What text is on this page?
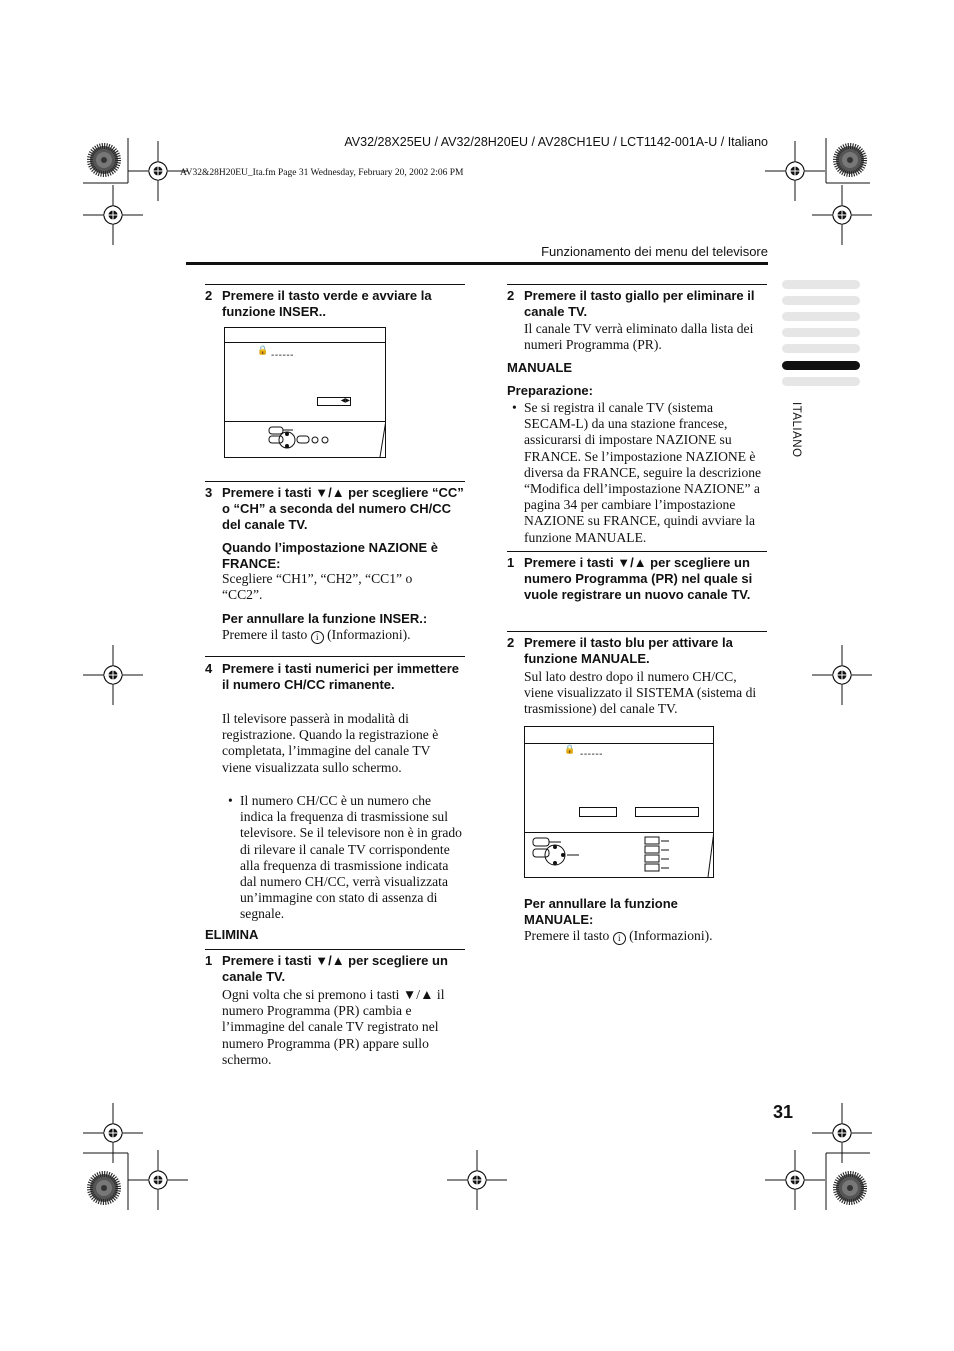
AV32/28X25EU / AV32/28H20EU / AV28CH1EU / LCT1142-001A-U / Italiano
AV32&28H20EU_Ita.fm Page 31 Wednesday, February 20, 2002 2:06 PM
Funzionamento dei menu del televisore
ITALIANO
2 Premere il tasto verde e avviare la funzione INSER..
🔒 ------
◀▶
3 Premere i tasti ▼/▲ per scegliere “CC” o “CH” a seconda del numero CH/CC del canale TV.
Quando l’impostazione NAZIONE è FRANCE:
Scegliere “CH1”, “CH2”, “CC1” o “CC2”.
Per annullare la funzione INSER.:
Premere il tasto i (Informazioni).
4 Premere i tasti numerici per immettere il numero CH/CC rimanente.
Il televisore passerà in modalità di registrazione. Quando la registrazione è completata, l’immagine del canale TV viene visualizzata sullo schermo.
• Il numero CH/CC è un numero che indica la frequenza di trasmissione sul televisore. Se il televisore non è in grado di rilevare il canale TV corrispondente alla frequenza di trasmissione indicata dal numero CH/CC, verrà visualizzata un’immagine con stato di assenza di segnale.
ELIMINA
1 Premere i tasti ▼/▲ per scegliere un canale TV.
Ogni volta che si premono i tasti ▼/▲ il numero Programma (PR) cambia e l’immagine del canale TV registrato nel numero Programma (PR) appare sullo schermo.
2 Premere il tasto giallo per eliminare il canale TV.
Il canale TV verrà eliminato dalla lista dei numeri Programma (PR).
MANUALE
Preparazione:
• Se si registra il canale TV (sistema SECAM-L) da una stazione francese, assicurarsi di impostare NAZIONE su FRANCE. Se l’impostazione NAZIONE è diversa da FRANCE, seguire la descrizione “Modifica dell’impostazione NAZIONE” a pagina 34 per cambiare l’impostazione NAZIONE su FRANCE, quindi avviare la funzione MANUALE.
1 Premere i tasti ▼/▲ per scegliere un numero Programma (PR) nel quale si vuole registrare un nuovo canale TV.
2 Premere il tasto blu per attivare la funzione MANUALE.
Sul lato destro dopo il numero CH/CC, viene visualizzato il SISTEMA (sistema di trasmissione) del canale TV.
🔒 ------
Per annullare la funzione MANUALE:
Premere il tasto i (Informazioni).
31
